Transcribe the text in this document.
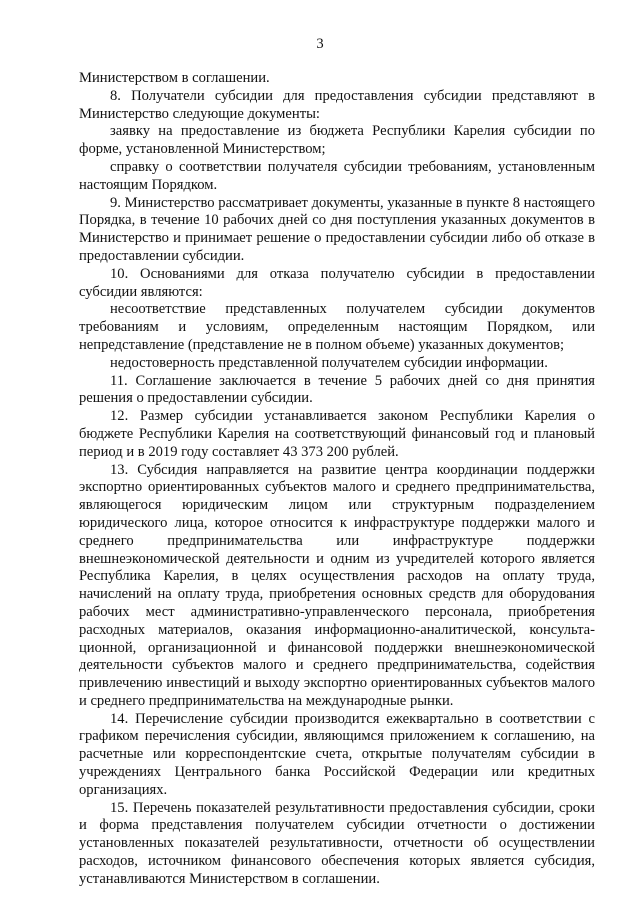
3

Министерством в соглашении.

8. Получатели субсидии для предоставления субсидии представляют в Министерство следующие документы:

заявку на предоставление из бюджета Республики Карелия субсидии по форме, установленной Министерством;

справку о соответствии получателя субсидии требованиям, установленным настоящим Порядком.

9. Министерство рассматривает документы, указанные в пункте 8 настоящего Порядка, в течение 10 рабочих дней со дня поступления указанных документов в Министерство и принимает решение о предоставлении субсидии либо об отказе в предоставлении субсидии.

10. Основаниями для отказа получателю субсидии в предоставлении субсидии являются:

несоответствие представленных получателем субсидии документов требованиям и условиям, определенным настоящим Порядком, или непредставление (представление не в полном объеме) указанных документов;

недостоверность представленной получателем субсидии информации.

11. Соглашение заключается в течение 5 рабочих дней со дня принятия решения о предоставлении субсидии.

12. Размер субсидии устанавливается законом Республики Карелия о бюджете Республики Карелия на соответствующий финансовый год и плановый период и в 2019 году составляет 43 373 200 рублей.

13. Субсидия направляется на развитие центра координации поддержки экспортно ориентированных субъектов малого и среднего предпринимательства, являющегося юридическим лицом или структурным подразделением юридического лица, которое относится к инфраструктуре поддержки малого и среднего предпринимательства или инфраструктуре поддержки внешнеэкономической деятельности и одним из учредителей которого является Республика Карелия, в целях осуществления расходов на оплату труда, начислений на оплату труда, приобретения основных средств для оборудования рабочих мест административно-управленческого персонала, приобретения расходных материалов, оказания информационно-аналитической, консульта-ционной, организационной и финансовой поддержки внешнеэкономической деятельности субъектов малого и среднего предпринимательства, содействия привлечению инвестиций и выходу экспортно ориентированных субъектов малого и среднего предпринимательства на международные рынки.

14. Перечисление субсидии производится ежеквартально в соответствии с графиком перечисления субсидии, являющимся приложением к соглашению, на расчетные или корреспондентские счета, открытые получателям субсидии в учреждениях Центрального банка Российской Федерации или кредитных организациях.

15. Перечень показателей результативности предоставления субсидии, сроки и форма представления получателем субсидии отчетности о достижении установленных показателей результативности, отчетности об осуществлении расходов, источником финансового обеспечения которых является субсидия, устанавливаются Министерством в соглашении.
